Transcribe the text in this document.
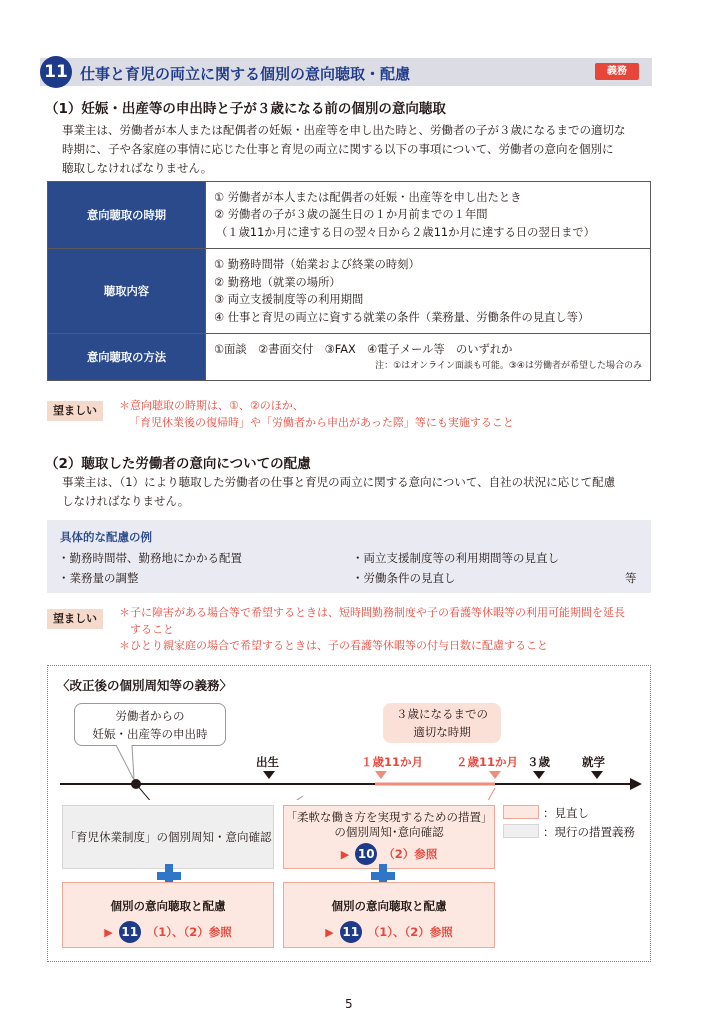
11 仕事と育児の両立に関する個別の意向聴取・配慮	義務
（1）妊娠・出産等の申出時と子が３歳になる前の個別の意向聴取
事業主は、労働者が本人または配偶者の妊娠・出産等を申し出た時と、労働者の子が３歳になるまでの適切な
時期に、子や各家庭の事情に応じた仕事と育児の両立に関する以下の事項について、労働者の意向を個別に
聴取しなければなりません。
意向聴取の時期	① 労働者が本人または配偶者の妊娠・出産等を申し出たとき
② 労働者の子が３歳の誕生日の１か月前までの１年間
（１歳11か月に達する日の翌々日から２歳11か月に達する日の翌日まで）

聴取内容	① 勤務時間帯（始業および終業の時刻）
② 勤務地（就業の場所）
③ 両立支援制度等の利用期間
④ 仕事と育児の両立に資する就業の条件（業務量、労働条件の見直し等）

意向聴取の方法	①面談　②書面交付　③FAX　④電子メール等　のいずれか
注：①はオンライン面談も可能。③④は労働者が希望した場合のみ
望ましい	＊意向聴取の時期は、①、②のほか、
「育児休業後の復帰時」や「労働者から申出があった際」等にも実施すること
（2）聴取した労働者の意向についての配慮
事業主は、（1）により聴取した労働者の仕事と育児の両立に関する意向について、自社の状況に応じて配慮
しなければなりません。
具体的な配慮の例
・勤務時間帯、勤務地にかかる配置	・両立支援制度等の利用期間等の見直し
・業務量の調整	・労働条件の見直し	等
望ましい	＊子に障害がある場合等で希望するときは、短時間勤務制度や子の看護等休暇等の利用可能期間を延長
　すること
＊ひとり親家庭の場合で希望するときは、子の看護等休暇等の付与日数に配慮すること
〈改正後の個別周知等の義務〉
労働者からの
妊娠・出産等の申出時
３歳になるまでの
適切な時期
出生	１歳11か月	２歳11か月 ３歳	就学
「育児休業制度」の個別周知・意向確認
「柔軟な働き方を実現するための措置」
の個別周知･意向確認
▶ 10 （2）参照
個別の意向聴取と配慮
▶ 11 （1）、（2）参照
個別の意向聴取と配慮
▶ 11 （1）、（2）参照
：見直し
：現行の措置義務
5
